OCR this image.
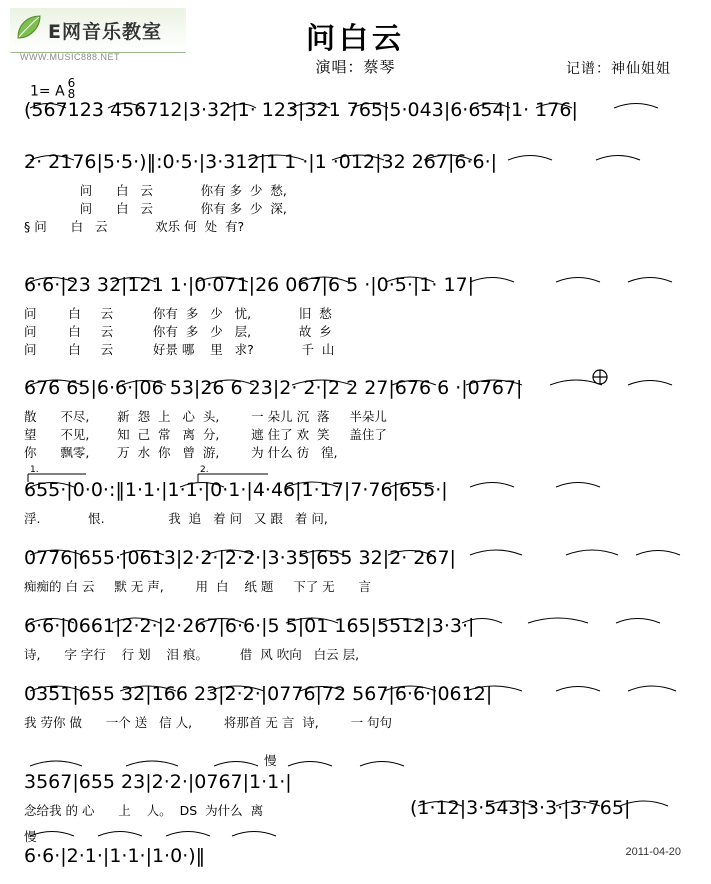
E网音乐教室
WWW.MUSIC888.NET
问白云
演唱：蔡琴	记谱：神仙姐姐
1= A
6
8
2011-04-20
(567123 456712|3·32|1· 123|321 765|5·043|6·654|1· 176|
2· 2176|5·5·)‖:0·5·|3·312|1 1 ·|1 ·012|32 267|6·6·|
问      白   云            你有 多  少  愁,
问      白   云            你有 多  少  深,
§ 问      白   云            欢乐 何  处  有?
6·6·|23 32|121 1·|0·071|26 067|6 5 ·|0·5·|1· 17|
问        白     云          你有  多   少   忧,            旧  愁
问        白     云          你有  多   少   层,            故  乡
问        白     云          好景 哪    里   求?            千  山
676 65|6·6·|06 53|26 6 23|2· 2·|2 2 27|676 6 ·|0767|
散      不尽,       新  怨  上   心  头,        一 朵儿 沉  落     半朵儿
望      不见,       知  己  常   离  分,        遮 住了 欢  笑     盖住了
你      飘零,       万  水  你   曾  游,        为 什么 彷   徨,
655·|0·0·:‖1·1·|1·1·|0·1·|4·46|1·17|7·76|655·|
浮.            恨.                我  追   着 问   又 跟   着 问,
0776|655·|0613|2·2·|2·2·|3·35|655 32|2· 267|
痴痴的 白 云     默 无 声,        用  白    纸 题     下了 无      言
6·6·|0661|2·2·|2·267|6·6·|5 5|01 165|5512|3·3·|
诗,      字 字行    行 划    泪 痕。        借  风 吹向   白云 层,
0351|655 32|166 23|2·2·|0776|72 567|6·6·|0612|
我 劳你 做      一个 送   信 人,        将那首 无 言  诗,        一 句句
慢
3567|655 23|2·2·|0767|1·1·|
念给我 的 心      上    人。  DS  为什么  离	(1·12|3·543|3·3·|3·765|
慢
6·6·|2·1·|1·1·|1·0·)‖
1.	2.
